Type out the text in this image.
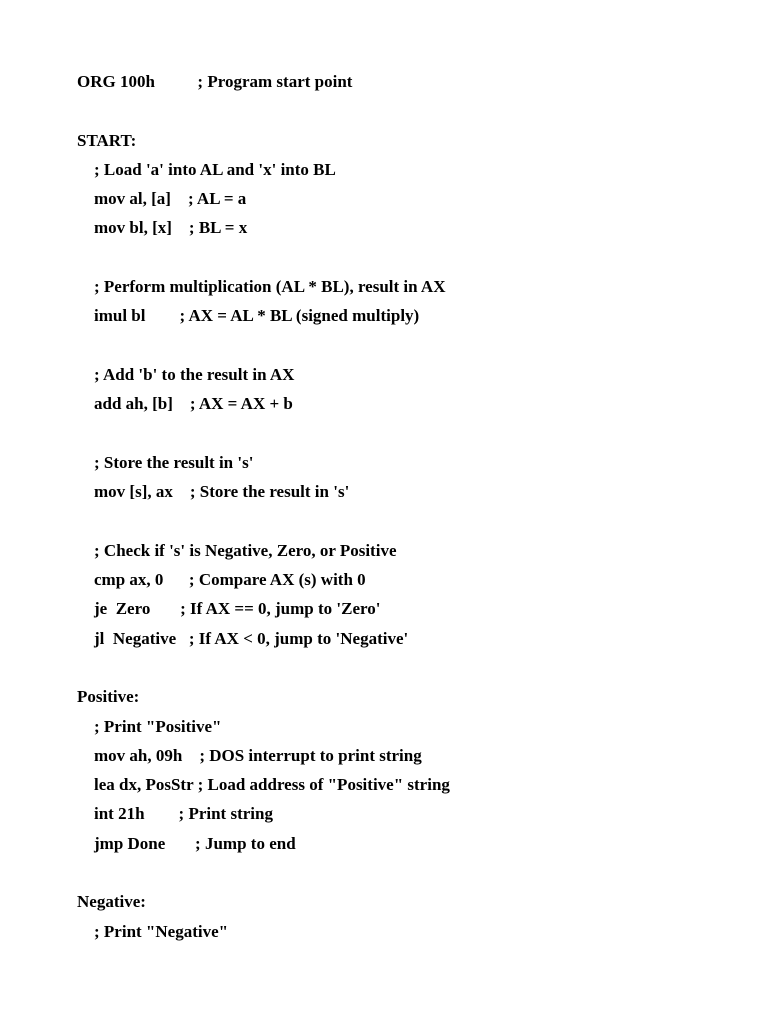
ORG 100h          ; Program start point
START:
; Load 'a' into AL and 'x' into BL
mov al, [a]    ; AL = a
mov bl, [x]    ; BL = x
; Perform multiplication (AL * BL), result in AX
imul bl        ; AX = AL * BL (signed multiply)
; Add 'b' to the result in AX
add ah, [b]    ; AX = AX + b
; Store the result in 's'
mov [s], ax    ; Store the result in 's'
; Check if 's' is Negative, Zero, or Positive
cmp ax, 0      ; Compare AX (s) with 0
je  Zero       ; If AX == 0, jump to 'Zero'
jl  Negative   ; If AX < 0, jump to 'Negative'
Positive:
; Print "Positive"
mov ah, 09h    ; DOS interrupt to print string
lea dx, PosStr ; Load address of "Positive" string
int 21h        ; Print string
jmp Done       ; Jump to end
Negative:
; Print "Negative"
